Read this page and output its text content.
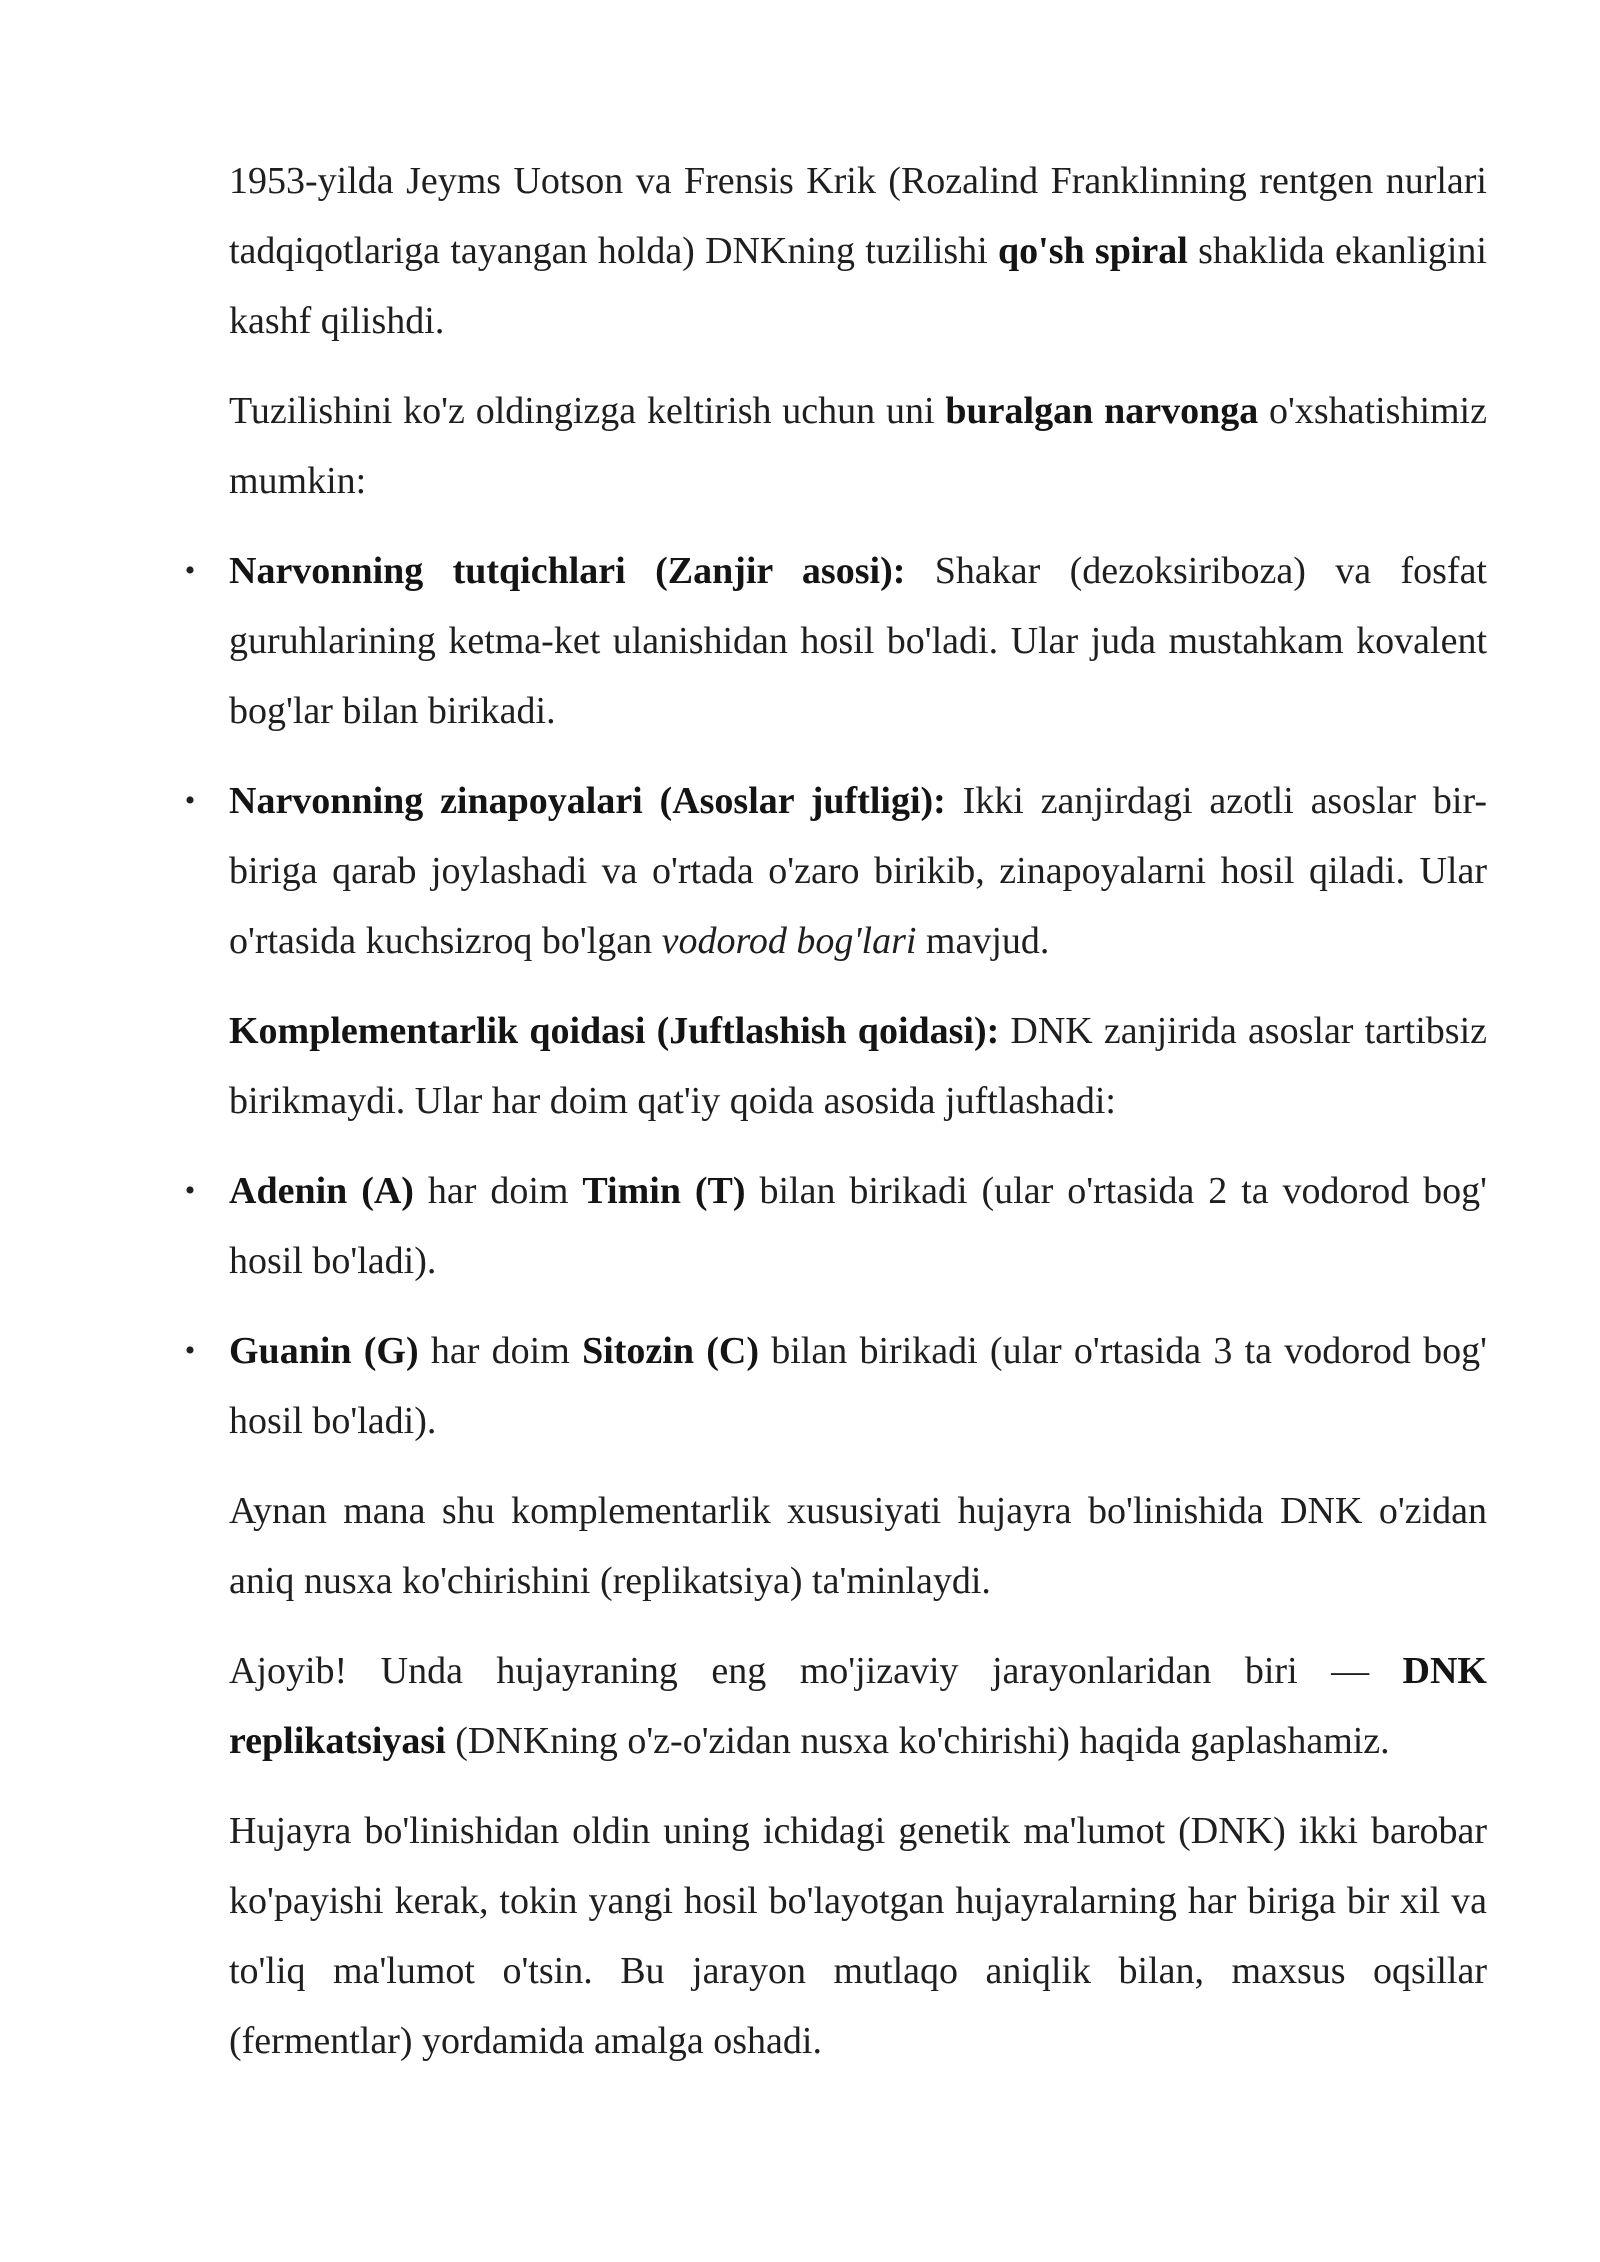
1953-yilda Jeyms Uotson va Frensis Krik (Rozalind Franklinning rentgen nurlari tadqiqotlariga tayangan holda) DNKning tuzilishi qo'sh spiral shaklida ekanligini kashf qilishdi.

Tuzilishini ko'z oldingizga keltirish uchun uni buralgan narvonga o'xshatishimiz mumkin:

• Narvonning tutqichlari (Zanjir asosi): Shakar (dezoksiriboza) va fosfat guruhlarining ketma-ket ulanishidan hosil bo'ladi. Ular juda mustahkam kovalent bog'lar bilan birikadi.
• Narvonning zinapoyalari (Asoslar juftligi): Ikki zanjirdagi azotli asoslar bir-biriga qarab joylashadi va o'rtada o'zaro birikib, zinapoyalarni hosil qiladi. Ular o'rtasida kuchsizroq bo'lgan vodorod bog'lari mavjud.

Komplementarlik qoidasi (Juftlashish qoidasi): DNK zanjirida asoslar tartibsiz birikmaydi. Ular har doim qat'iy qoida asosida juftlashadi:

• Adenin (A) har doim Timin (T) bilan birikadi (ular o'rtasida 2 ta vodorod bog' hosil bo'ladi).
• Guanin (G) har doim Sitozin (C) bilan birikadi (ular o'rtasida 3 ta vodorod bog' hosil bo'ladi).

Aynan mana shu komplementarlik xususiyati hujayra bo'linishida DNK o'zidan aniq nusxa ko'chirishini (replikatsiya) ta'minlaydi.

Ajoyib! Unda hujayraning eng mo'jizaviy jarayonlaridan biri — DNK replikatsiyasi (DNKning o'z-o'zidan nusxa ko'chirishi) haqida gaplashamiz.

Hujayra bo'linishidan oldin uning ichidagi genetik ma'lumot (DNK) ikki barobar ko'payishi kerak, tokin yangi hosil bo'layotgan hujayralarning har biriga bir xil va to'liq ma'lumot o'tsin. Bu jarayon mutlaqo aniqlik bilan, maxsus oqsillar (fermentlar) yordamida amalga oshadi.
